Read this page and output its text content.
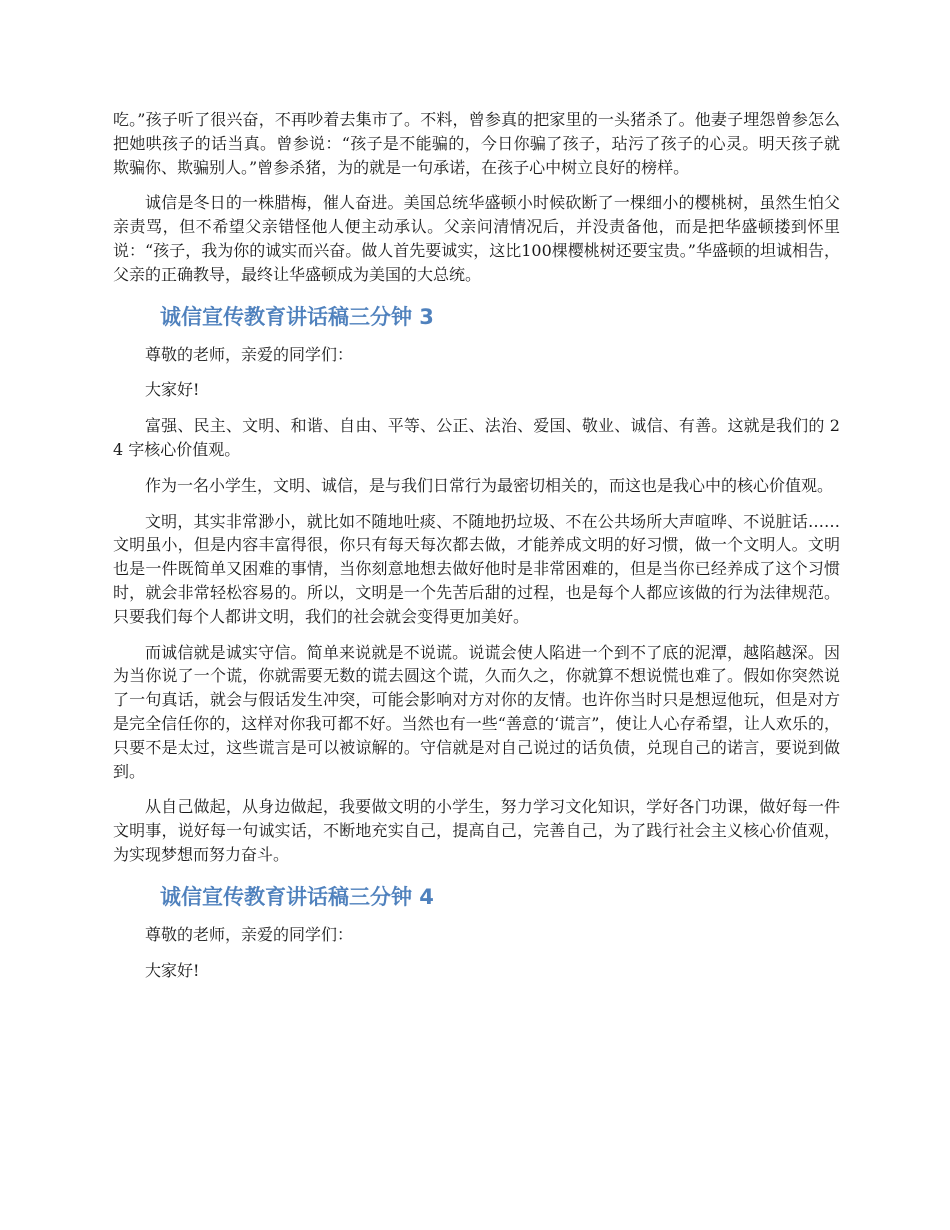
吃。”孩子听了很兴奋，不再吵着去集市了。不料，曾参真的把家里的一头猪杀了。他妻子埋怨曾参怎么把她哄孩子的话当真。曾参说：“孩子是不能骗的，今日你骗了孩子，玷污了孩子的心灵。明天孩子就欺骗你、欺骗别人。”曾参杀猪，为的就是一句承诺，在孩子心中树立良好的榜样。

诚信是冬日的一株腊梅，催人奋进。美国总统华盛顿小时候砍断了一棵细小的樱桃树，虽然生怕父亲责骂，但不希望父亲错怪他人便主动承认。父亲问清情况后，并没责备他，而是把华盛顿搂到怀里说：“孩子，我为你的诚实而兴奋。做人首先要诚实，这比100棵樱桃树还要宝贵。”华盛顿的坦诚相告，父亲的正确教导，最终让华盛顿成为美国的大总统。

诚信宣传教育讲话稿三分钟 3

尊敬的老师，亲爱的同学们：

大家好!

富强、民主、文明、和谐、自由、平等、公正、法治、爱国、敬业、诚信、有善。这就是我们的 24 字核心价值观。

作为一名小学生，文明、诚信，是与我们日常行为最密切相关的，而这也是我心中的核心价值观。

文明，其实非常渺小，就比如不随地吐痰、不随地扔垃圾、不在公共场所大声喧哗、不说脏话……文明虽小，但是内容丰富得很，你只有每天每次都去做，才能养成文明的好习惯，做一个文明人。文明也是一件既简单又困难的事情，当你刻意地想去做好他时是非常困难的，但是当你已经养成了这个习惯时，就会非常轻松容易的。所以，文明是一个先苦后甜的过程，也是每个人都应该做的行为法律规范。只要我们每个人都讲文明，我们的社会就会变得更加美好。

而诚信就是诚实守信。简单来说就是不说谎。说谎会使人陷进一个到不了底的泥潭，越陷越深。因为当你说了一个谎，你就需要无数的谎去圆这个谎，久而久之，你就算不想说慌也难了。假如你突然说了一句真话，就会与假话发生冲突，可能会影响对方对你的友情。也许你当时只是想逗他玩，但是对方是完全信任你的，这样对你我可都不好。当然也有一些“善意的‘谎言”，使让人心存希望，让人欢乐的，只要不是太过，这些谎言是可以被谅解的。守信就是对自己说过的话负债，兑现自己的诺言，要说到做到。

从自己做起，从身边做起，我要做文明的小学生，努力学习文化知识，学好各门功课，做好每一件文明事，说好每一句诚实话，不断地充实自己，提高自己，完善自己，为了践行社会主义核心价值观，为实现梦想而努力奋斗。

诚信宣传教育讲话稿三分钟 4

尊敬的老师，亲爱的同学们：

大家好!
